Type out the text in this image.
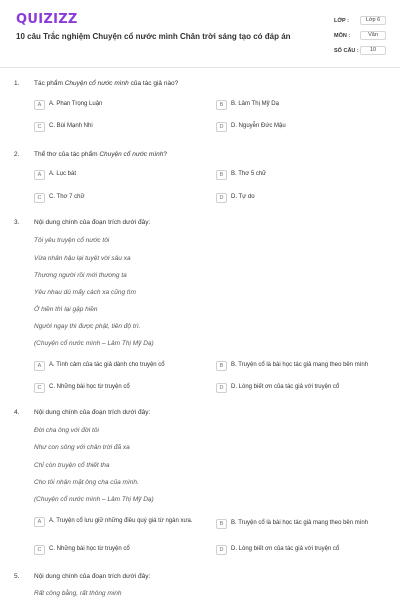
QUIZIZZ
10 câu Trắc nghiệm Chuyện cổ nước mình Chân trời sáng tạo có đáp án
LỚP :	Lớp 6
MÔN :	Văn
SỐ CÂU :	10
1. Tác phẩm Chuyện cổ nước mình của tác giả nào?
A	A. Phan Trọng Luận	B	B. Lâm Thị Mỹ Dạ
C	C. Bùi Mạnh Nhi	D	D. Nguyễn Đức Mậu
2. Thể thơ của tác phẩm Chuyện cổ nước mình?
A	A. Lục bát	B	B. Thơ 5 chữ
C	C. Thơ 7 chữ	D	D. Tự do
3. Nội dung chính của đoạn trích dưới đây:
Tôi yêu truyện cổ nước tôi
Vừa nhân hậu lại tuyệt vời sâu xa
Thương người rồi mới thương ta
Yêu nhau dù mấy cách xa cũng tìm
Ở hiền thì lại gặp hiền
Người ngay thì được phật, tiên độ trì.
(Chuyện cổ nước mình – Lâm Thị Mỹ Dạ)
A	A. Tình cảm của tác giả dành cho truyện cổ	B	B. Truyện cổ là bài học tác giả mang theo bên mình
C	C. Những bài học từ truyện cổ	D	D. Lòng biết ơn của tác giả với truyện cổ
4. Nội dung chính của đoạn trích dưới đây:
Đời cha ông với đời tôi
Như con sông với chân trời đã xa
Chỉ còn truyện cổ thiết tha
Cho tôi nhận mặt ông cha của mình.
(Chuyện cổ nước mình – Lâm Thị Mỹ Dạ)
A	A. Truyện cổ lưu giữ những điều quý giá từ ngàn xưa.	B	B. Truyện cổ là bài học tác giả mang theo bên mình
C	C. Những bài học từ truyện cổ	D	D. Lòng biết ơn của tác giả với truyện cổ
5. Nội dung chính của đoạn trích dưới đây:
Rất công bằng, rất thông minh
